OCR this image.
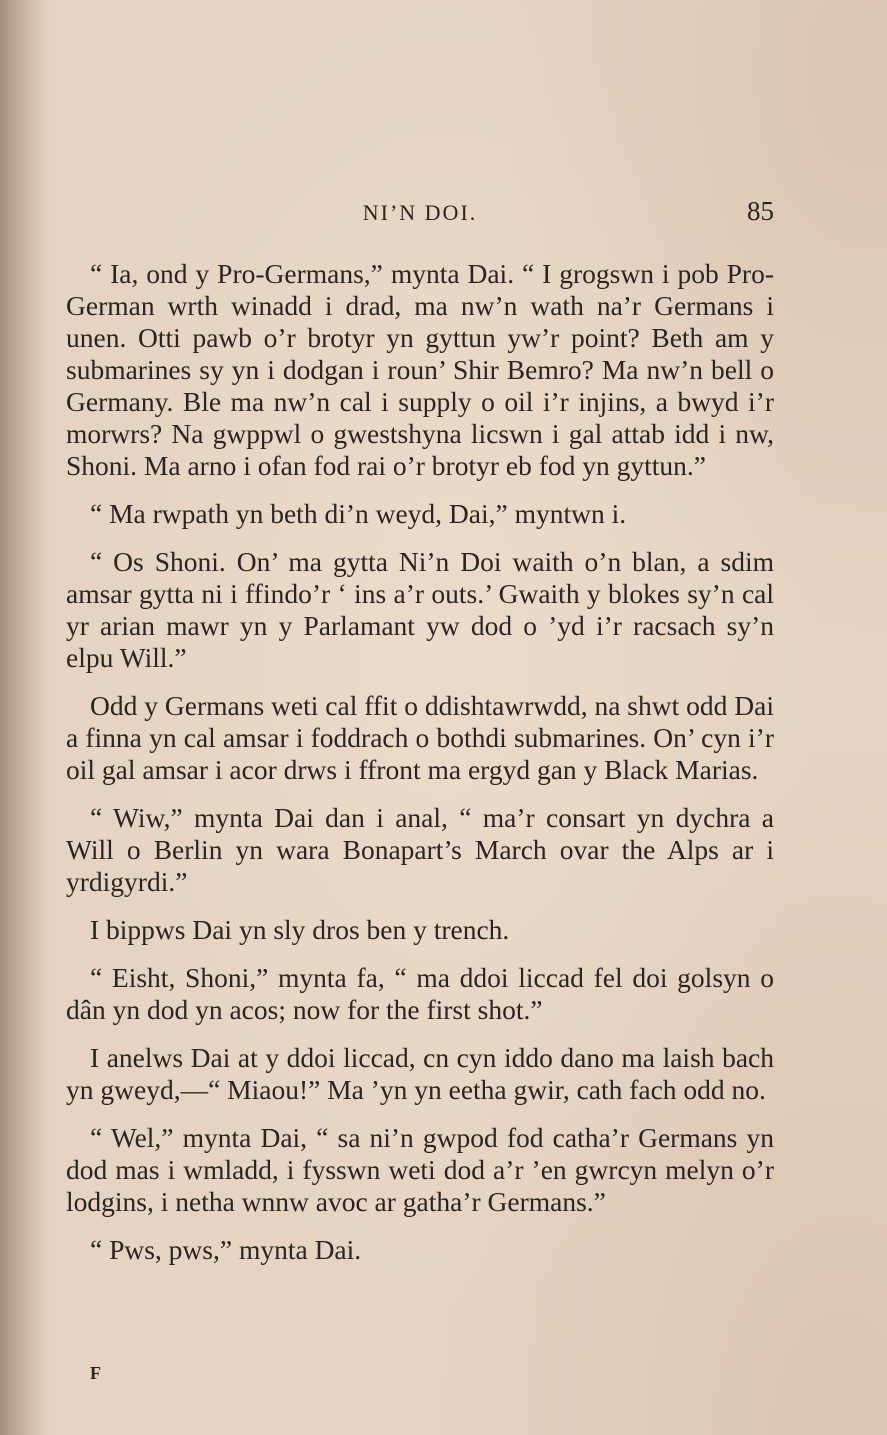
NI’N DOI.	85

“ Ia, ond y Pro-Germans,” mynta Dai. “ I grogswn i pob Pro-German wrth winadd i drad, ma nw’n wath na’r Germans i unen. Otti pawb o’r brotyr yn gyttun yw’r point? Beth am y submarines sy yn i dodgan i roun’ Shir Bemro? Ma nw’n bell o Germany. Ble ma nw’n cal i supply o oil i’r injins, a bwyd i’r morwrs? Na gwppwl o gwestshyna licswn i gal attab idd i nw, Shoni. Ma arno i ofan fod rai o’r brotyr eb fod yn gyttun.”

“ Ma rwpath yn beth di’n weyd, Dai,” myntwn i.

“ Os Shoni. On’ ma gytta Ni’n Doi waith o’n blan, a sdim amsar gytta ni i ffindo’r ‘ ins a’r outs.’ Gwaith y blokes sy’n cal yr arian mawr yn y Parlamant yw dod o ’yd i’r racsach sy’n elpu Will.”

Odd y Germans weti cal ffit o ddishtawrwdd, na shwt odd Dai a finna yn cal amsar i foddrach o bothdi submarines. On’ cyn i’r oil gal amsar i acor drws i ffront ma ergyd gan y Black Marias.

“ Wiw,” mynta Dai dan i anal, “ ma’r consart yn dychra a Will o Berlin yn wara Bonapart’s March ovar the Alps ar i yrdigyrdi.”

I bippws Dai yn sly dros ben y trench.

“ Eisht, Shoni,” mynta fa, “ ma ddoi liccad fel doi golsyn o dân yn dod yn acos; now for the first shot.”

I anelws Dai at y ddoi liccad, cn cyn iddo dano ma laish bach yn gweyd,—“ Miaou!” Ma ’yn yn eetha gwir, cath fach odd no.

“ Wel,” mynta Dai, “ sa ni’n gwpod fod catha’r Germans yn dod mas i wmladd, i fysswn weti dod a’r ’en gwrcyn melyn o’r lodgins, i netha wnnw avoc ar gatha’r Germans.”

“ Pws, pws,” mynta Dai.

F
